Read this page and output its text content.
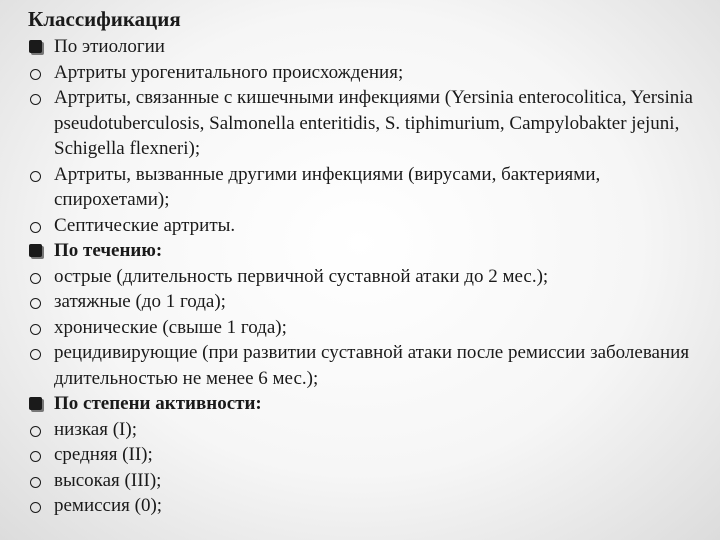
Классификация
По этиологии
Артриты урогенитального происхождения;
Артриты, связанные с кишечными инфекциями (Yersinia enterocolitica, Yersinia pseudotuberculosis, Salmonella enteritidis, S. tiphimurium, Campylobakter jejuni, Schigella flexneri);
Артриты, вызванные другими инфекциями (вирусами, бактериями, спирохетами);
Септические артриты.
По течению:
острые (длительность первичной суставной атаки до 2 мес.);
затяжные (до 1 года);
хронические (свыше 1 года);
рецидивирующие (при развитии суставной атаки после ремиссии заболевания длительностью не менее 6 мес.);
По степени активности:
низкая (I);
средняя (II);
высокая (III);
ремиссия (0);
